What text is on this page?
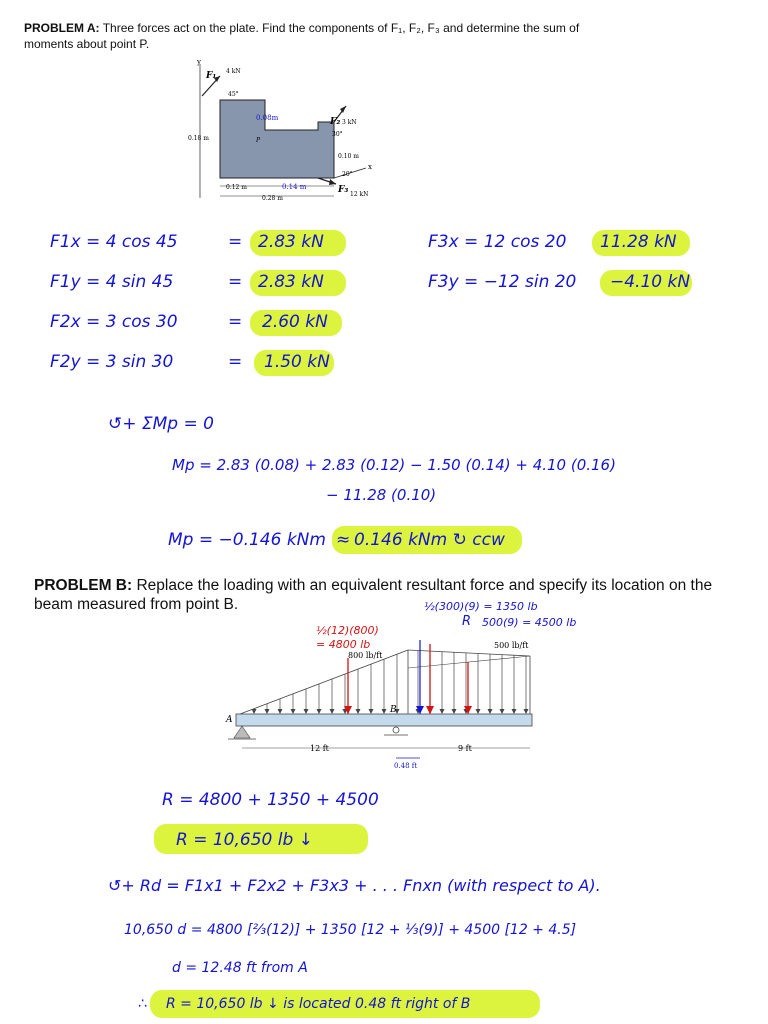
PROBLEM A: Three forces act on the plate. Find the components of F₁, F₂, F₃ and determine the sum of moments about point P.
y
F₁ 4 kN
45°
0.08m
P
F₂ 3 kN
30°
0.10 m
x
20°
F₃ 12 kN
0.18 m
0.12 m	0.14 m
0.28 m
F1x = 4 cos 45	= 2.83 kN
F1y = 4 sin 45	= 2.83 kN
F2x = 3 cos 30	= 2.60 kN
F2y = 3 sin 30	= 1.50 kN
F3x = 12 cos 20 11.28 kN
F3y = −12 sin 20 −4.10 kN
↺+ ΣMp = 0
Mp = 2.83 (0.08) + 2.83 (0.12) − 1.50 (0.14) + 4.10 (0.16)
− 11.28 (0.10)
Mp = −0.146 kNm ≈ 0.146 kNm ↻ ccw
PROBLEM B: Replace the loading with an equivalent resultant force and specify its location on the beam measured from point B.
A
B
12 ft	9 ft
800 lb/ft
500 lb/ft
0.48 ft
½(300)(9) = 1350 lb
R 500(9) = 4500 lb
½(12)(800)
= 4800 lb
R = 4800 + 1350 + 4500
R = 10,650 lb ↓
↺+ Rd = F1x1 + F2x2 + F3x3 + . . . Fnxn (with respect to A).
10,650 d = 4800 [⅔(12)] + 1350 [12 + ⅓(9)] + 4500 [12 + 4.5]
d = 12.48 ft from A
∴ R = 10,650 lb ↓ is located 0.48 ft right of B
